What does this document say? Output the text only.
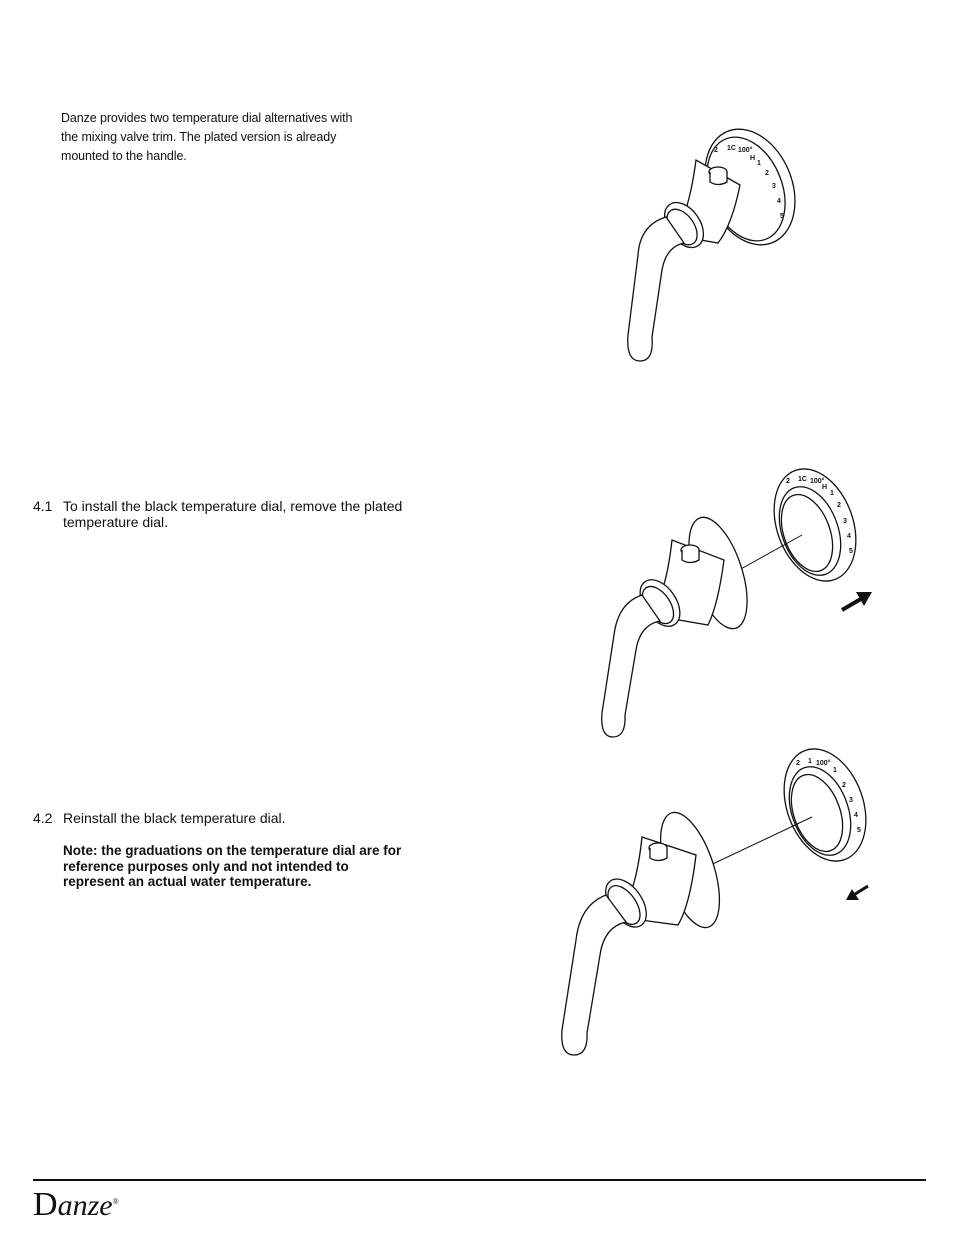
Danze provides two temperature dial alternatives with
the mixing valve trim. The plated version is already
mounted to the handle.
4.1 To install the black temperature dial, remove the plated temperature dial.
4.2 Reinstall the black temperature dial.
Note: the graduations on the temperature dial are for reference purposes only and not intended to represent an actual water temperature.
2 1C 100°
H
1
2
3
4
5
2 1C 100°
H
1
2
3
4
5
2 1 100°
1
2
3
4
5
Danze®
